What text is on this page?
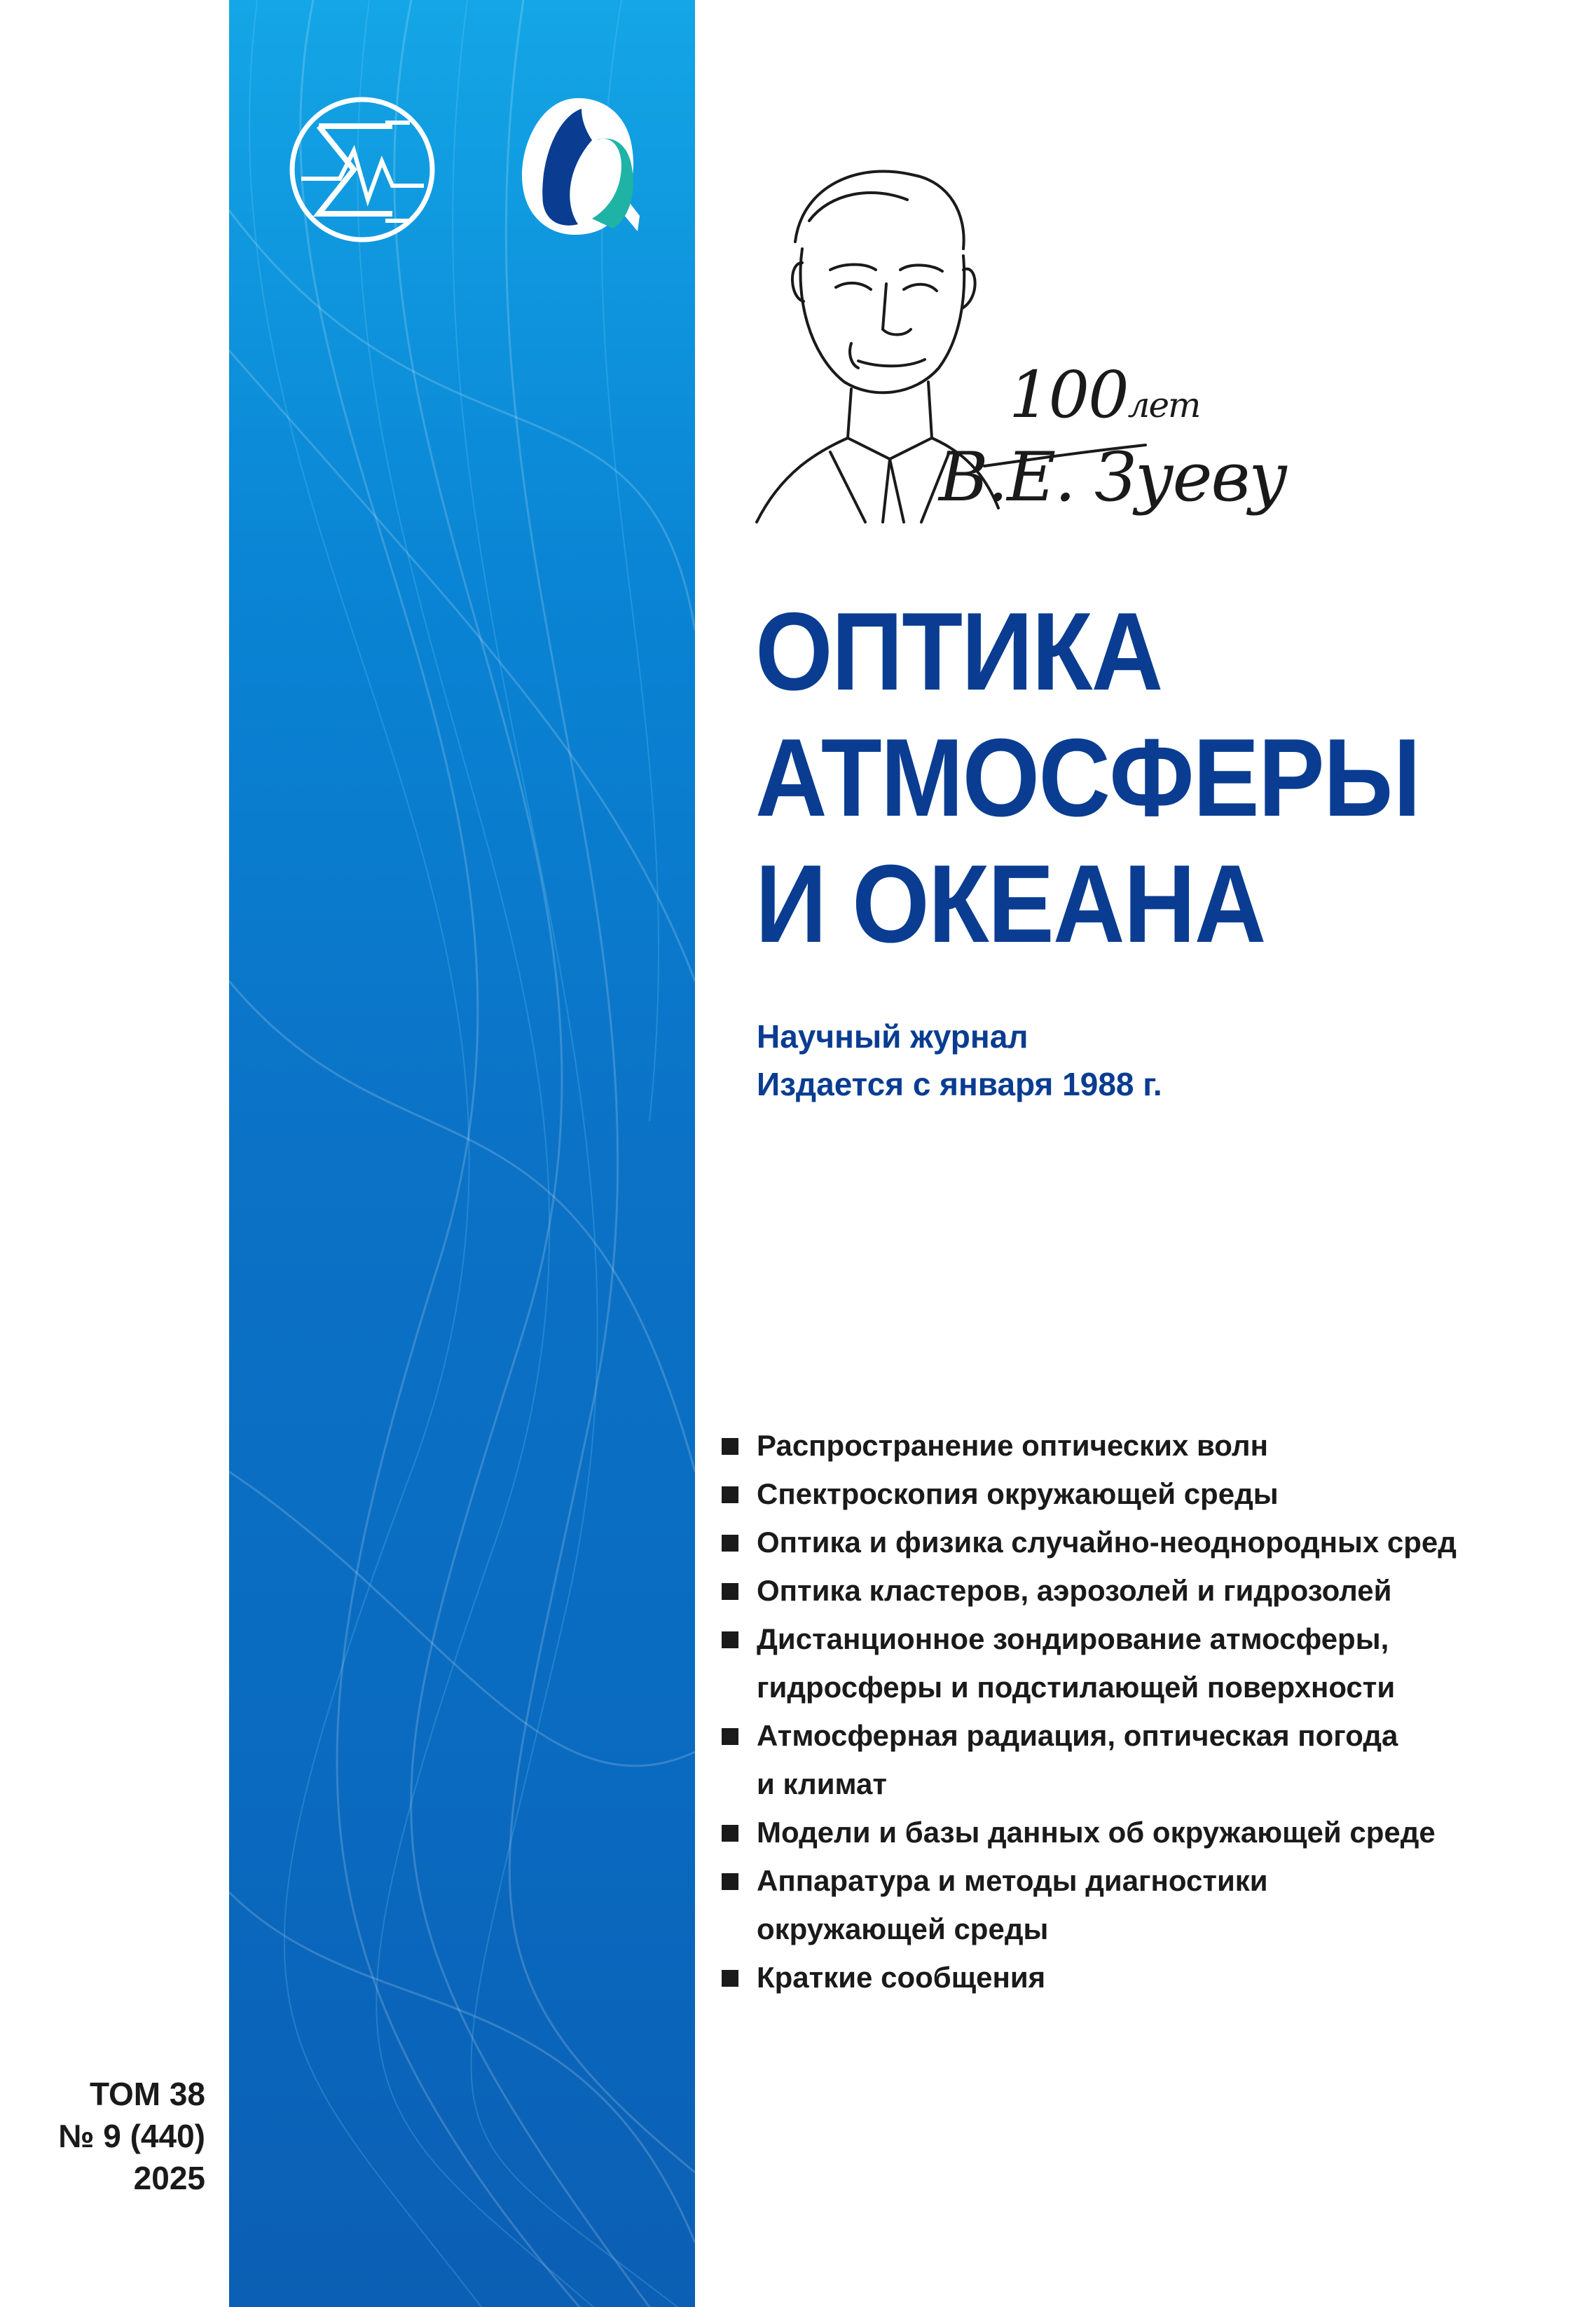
100лет
В.Е. Зуеву
ОПТИКА
АТМОСФЕРЫ
И ОКЕАНА
Научный журнал
Издается с января 1988 г.
Распространение оптических волн
Спектроскопия окружающей среды
Оптика и физика случайно-неоднородных сред
Оптика кластеров, аэрозолей и гидрозолей
Дистанционное зондирование атмосферы,
гидросферы и подстилающей поверхности
Атмосферная радиация, оптическая погода
и климат
Модели и базы данных об окружающей среде
Аппаратура и методы диагностики
окружающей среды
Краткие сообщения
ТОМ 38
№ 9 (440)
2025
